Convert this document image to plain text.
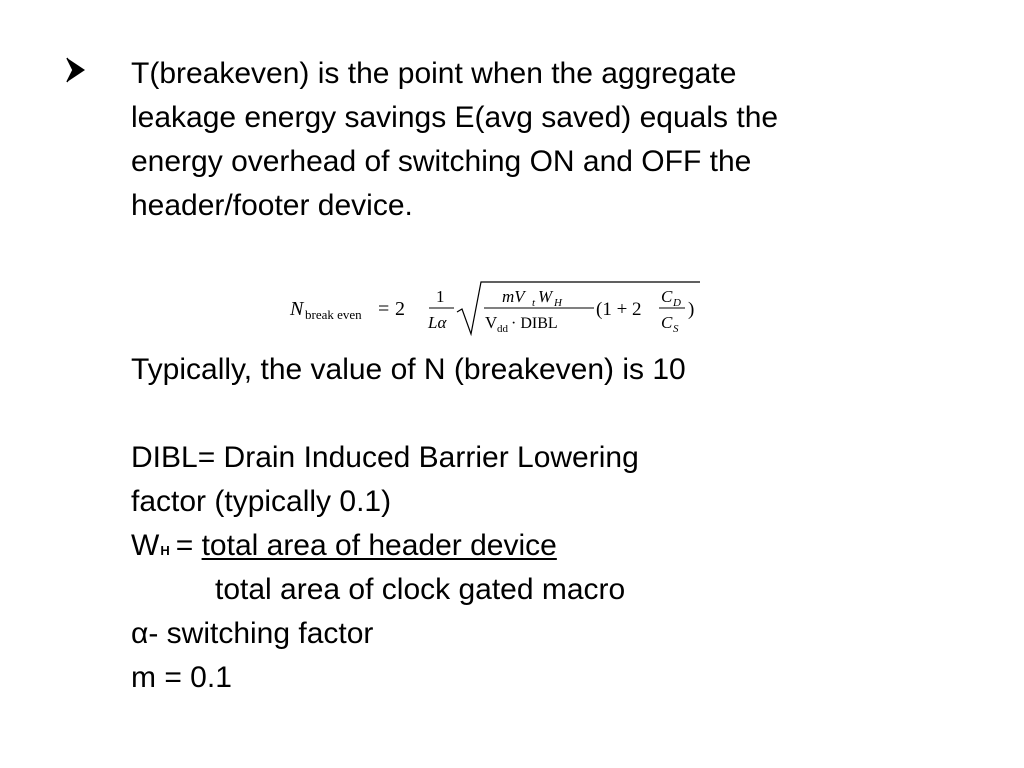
T(breakeven) is the point when the aggregate
leakage energy savings E(avg saved) equals the
energy overhead of switching ON and OFF the
header/footer device.
N break even = 2
1
Lα
mV t W H
V dd · DIBL
(1 + 2
C D
C S
)
Typically, the value of N (breakeven) is 10
DIBL= Drain Induced Barrier Lowering
factor (typically 0.1)
WH = total area of header device
total area of clock gated macro
α- switching factor
m = 0.1
